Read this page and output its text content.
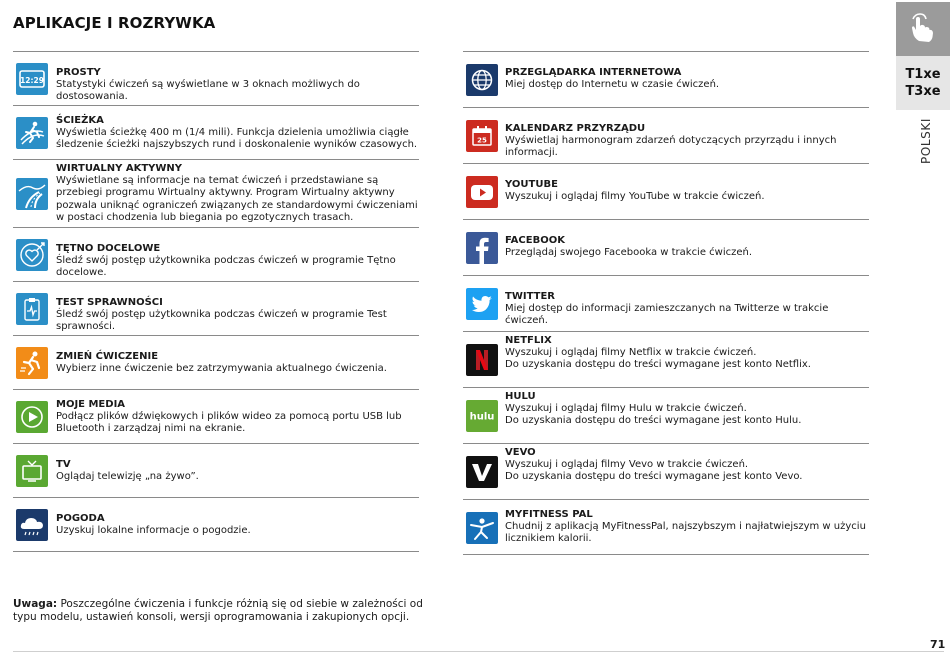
APLIKACJE I ROZRYWKA
12:29
PROSTY
Statystyki ćwiczeń są wyświetlane w 3 oknach możliwych do dostosowania.
ŚCIEŻKA
Wyświetla ścieżkę 400 m (1/4 mili). Funkcja dzielenia umożliwia ciągłe śledzenie ścieżki najszybszych rund i doskonalenie wyników czasowych.
WIRTUALNY AKTYWNY
Wyświetlane są informacje na temat ćwiczeń i przedstawiane są przebiegi programu Wirtualny aktywny. Program Wirtualny aktywny pozwala uniknąć ograniczeń związanych ze standardowymi ćwiczeniami w postaci chodzenia lub biegania po egzotycznych trasach.
TĘTNO DOCELOWE
Śledź swój postęp użytkownika podczas ćwiczeń w programie Tętno docelowe.
TEST SPRAWNOŚCI
Śledź swój postęp użytkownika podczas ćwiczeń w programie Test sprawności.
ZMIEŃ ĆWICZENIE
Wybierz inne ćwiczenie bez zatrzymywania aktualnego ćwiczenia.
MOJE MEDIA
Podłącz plików dźwiękowych i plików wideo za pomocą portu USB lub Bluetooth i zarządzaj nimi na ekranie.
TV
Oglądaj telewizję „na żywo”.
POGODA
Uzyskuj lokalne informacje o pogodzie.
PRZEGLĄDARKA INTERNETOWA
Miej dostęp do Internetu w czasie ćwiczeń.
25
KALENDARZ PRZYRZĄDU
Wyświetlaj harmonogram zdarzeń dotyczących przyrządu i innych informacji.
YOUTUBE
Wyszukuj i oglądaj filmy YouTube w trakcie ćwiczeń.
FACEBOOK
Przeglądaj swojego Facebooka w trakcie ćwiczeń.
TWITTER
Miej dostęp do informacji zamieszczanych na Twitterze w trakcie ćwiczeń.
NETFLIX
Wyszukuj i oglądaj filmy Netflix w trakcie ćwiczeń.
Do uzyskania dostępu do treści wymagane jest konto Netflix.
hulu
HULU
Wyszukuj i oglądaj filmy Hulu w trakcie ćwiczeń.
Do uzyskania dostępu do treści wymagane jest konto Hulu.
VEVO
Wyszukuj i oglądaj filmy Vevo w trakcie ćwiczeń.
Do uzyskania dostępu do treści wymagane jest konto Vevo.
MYFITNESS PAL
Chudnij z aplikacją MyFitnessPal, najszybszym i najłatwiejszym w użyciu licznikiem kalorii.
T1xe
T3xe
POLSKI
Uwaga: Poszczególne ćwiczenia i funkcje różnią się od siebie w zależności od typu modelu, ustawień konsoli, wersji oprogramowania i zakupionych opcji.
71
